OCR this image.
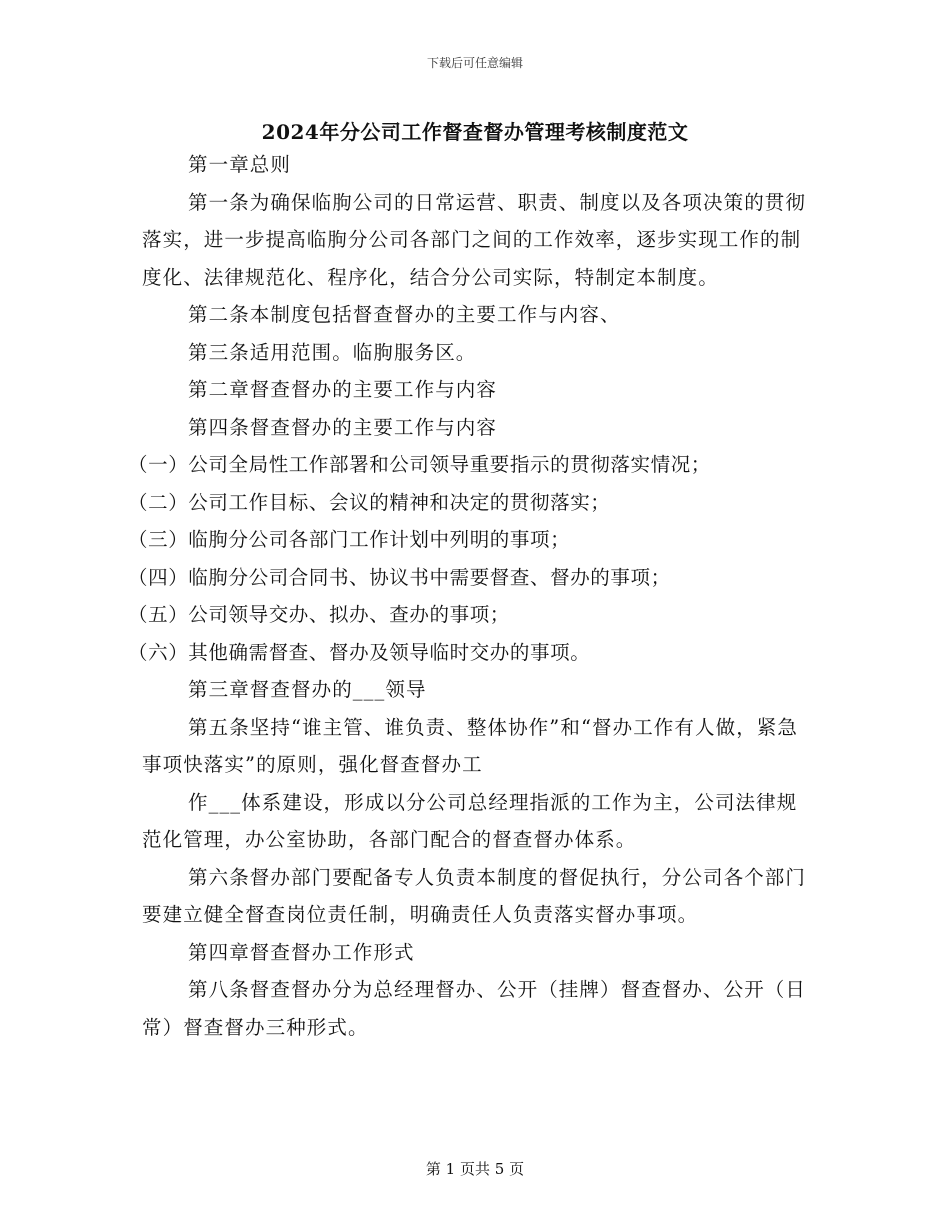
下载后可任意编辑
2024年分公司工作督查督办管理考核制度范文

第一章总则

第一条为确保临朐公司的日常运营、职责、制度以及各项决策的贯彻落实，进一步提高临朐分公司各部门之间的工作效率，逐步实现工作的制度化、法律规范化、程序化，结合分公司实际，特制定本制度。

第二条本制度包括督查督办的主要工作与内容、

第三条适用范围。临朐服务区。

第二章督查督办的主要工作与内容

第四条督查督办的主要工作与内容

（一）公司全局性工作部署和公司领导重要指示的贯彻落实情况；

（二）公司工作目标、会议的精神和决定的贯彻落实；

（三）临朐分公司各部门工作计划中列明的事项；

（四）临朐分公司合同书、协议书中需要督查、督办的事项；

（五）公司领导交办、拟办、查办的事项；

（六）其他确需督查、督办及领导临时交办的事项。

第三章督查督办的___领导

第五条坚持“谁主管、谁负责、整体协作”和“督办工作有人做，紧急事项快落实”的原则，强化督查督办工

作___体系建设，形成以分公司总经理指派的工作为主，公司法律规范化管理，办公室协助，各部门配合的督查督办体系。

第六条督办部门要配备专人负责本制度的督促执行，分公司各个部门要建立健全督查岗位责任制，明确责任人负责落实督办事项。

第四章督查督办工作形式

第八条督查督办分为总经理督办、公开（挂牌）督查督办、公开（日常）督查督办三种形式。

第 1 页共 5 页
